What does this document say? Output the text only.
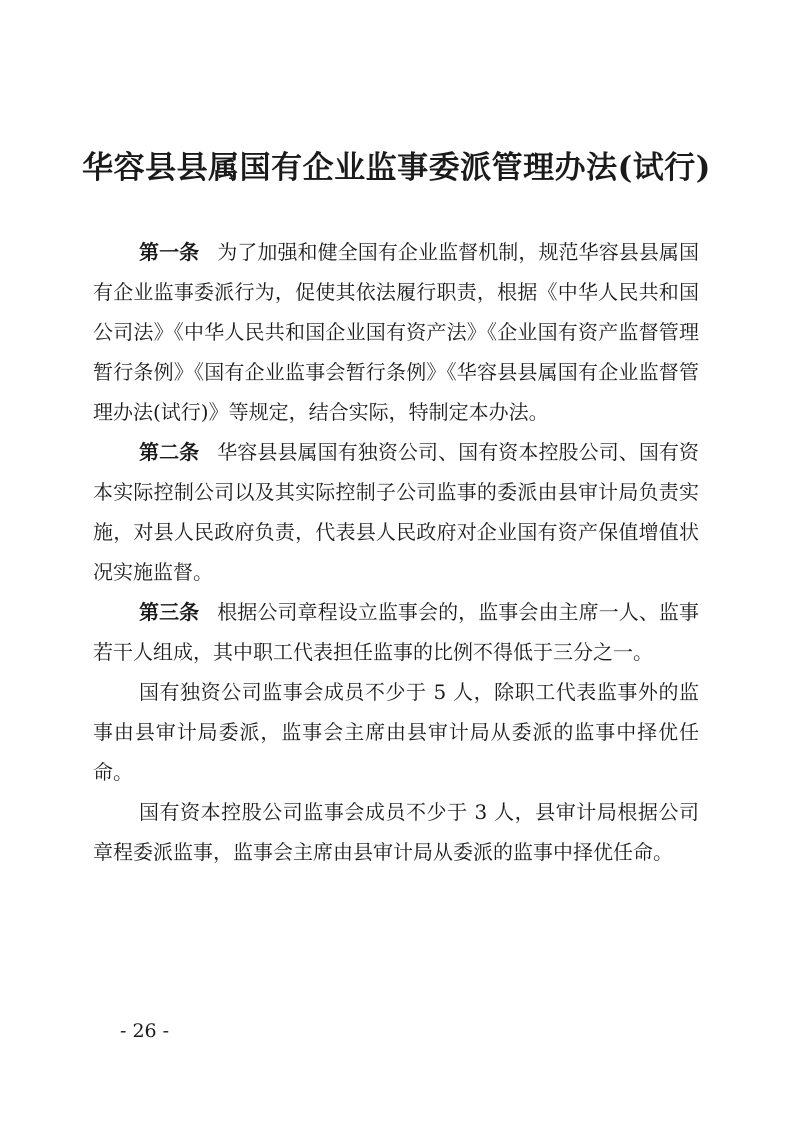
华容县县属国有企业监事委派管理办法(试行)

第一条 为了加强和健全国有企业监督机制，规范华容县县属国有企业监事委派行为，促使其依法履行职责，根据《中华人民共和国公司法》《中华人民共和国企业国有资产法》《企业国有资产监督管理暂行条例》《国有企业监事会暂行条例》《华容县县属国有企业监督管理办法(试行)》等规定，结合实际，特制定本办法。

第二条 华容县县属国有独资公司、国有资本控股公司、国有资本实际控制公司以及其实际控制子公司监事的委派由县审计局负责实施，对县人民政府负责，代表县人民政府对企业国有资产保值增值状况实施监督。

第三条 根据公司章程设立监事会的，监事会由主席一人、监事若干人组成，其中职工代表担任监事的比例不得低于三分之一。

国有独资公司监事会成员不少于 5 人，除职工代表监事外的监事由县审计局委派，监事会主席由县审计局从委派的监事中择优任命。

国有资本控股公司监事会成员不少于 3 人，县审计局根据公司章程委派监事，监事会主席由县审计局从委派的监事中择优任命。

- 26 -
